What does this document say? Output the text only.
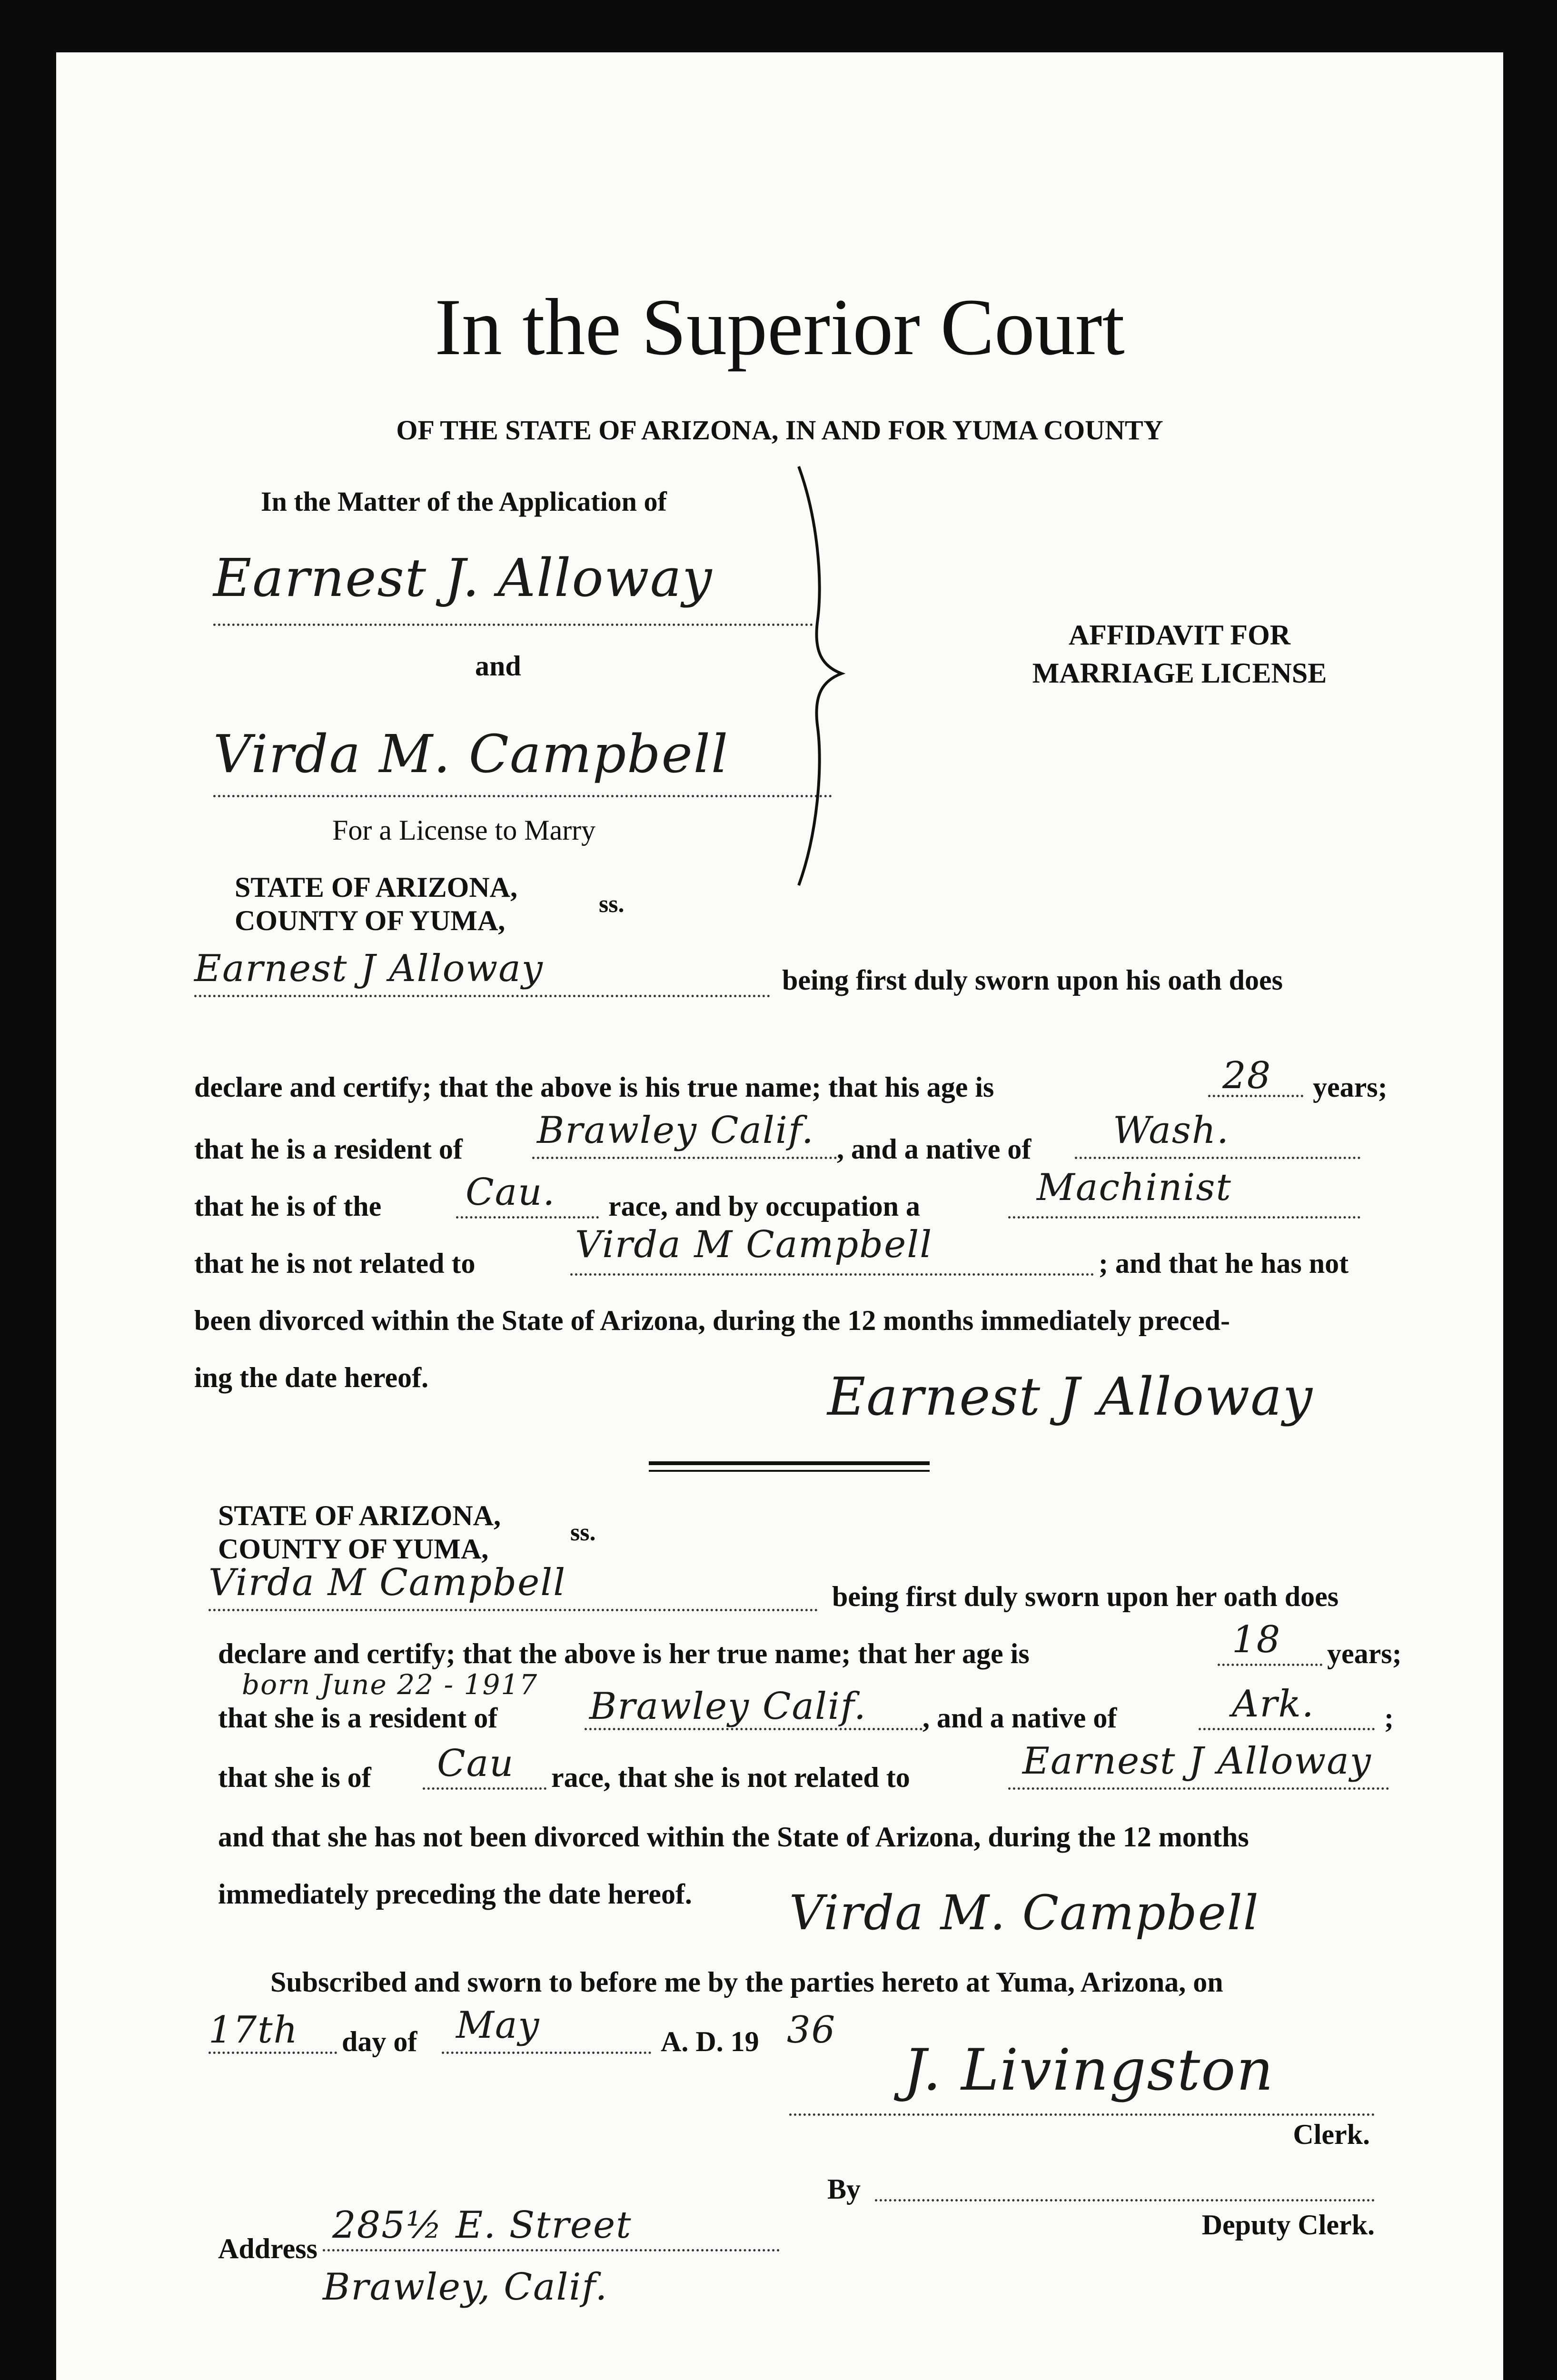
In the Superior Court
OF THE STATE OF ARIZONA, IN AND FOR YUMA COUNTY
In the Matter of the Application of
Earnest J. Alloway
and
Virda M. Campbell
For a License to Marry
AFFIDAVIT FOR
MARRIAGE LICENSE
STATE OF ARIZONA,
COUNTY OF YUMA,
ss.
Earnest J Alloway	being first duly sworn upon his oath does
declare and certify; that the above is his true name; that his age is	28 years;
that he is a resident of Brawley Calif. , and a native of Wash.
that he is of the Cau. race, and by occupation a	Machinist
that he is not related to	Virda M Campbell	; and that he has not
been divorced within the State of Arizona, during the 12 months immediately preced-
ing the date hereof.	Earnest J Alloway
STATE OF ARIZONA,
COUNTY OF YUMA,
ss.
Virda M Campbell	being first duly sworn upon her oath does
declare and certify; that the above is her true name; that her age is	18 years;
born June 22 - 1917
that she is a resident of Brawley Calif. , and a native of	Ark. ;
that she is of Cau race, that she is not related to	Earnest J Alloway
and that she has not been divorced within the State of Arizona, during the 12 months
immediately preceding the date hereof. Virda M. Campbell
Subscribed and sworn to before me by the parties hereto at Yuma, Arizona, on
17th day of May	A. D. 19 36
J. Livingston
Clerk.
By
Deputy Clerk.
Address
285½ E. Street
Brawley, Calif.
